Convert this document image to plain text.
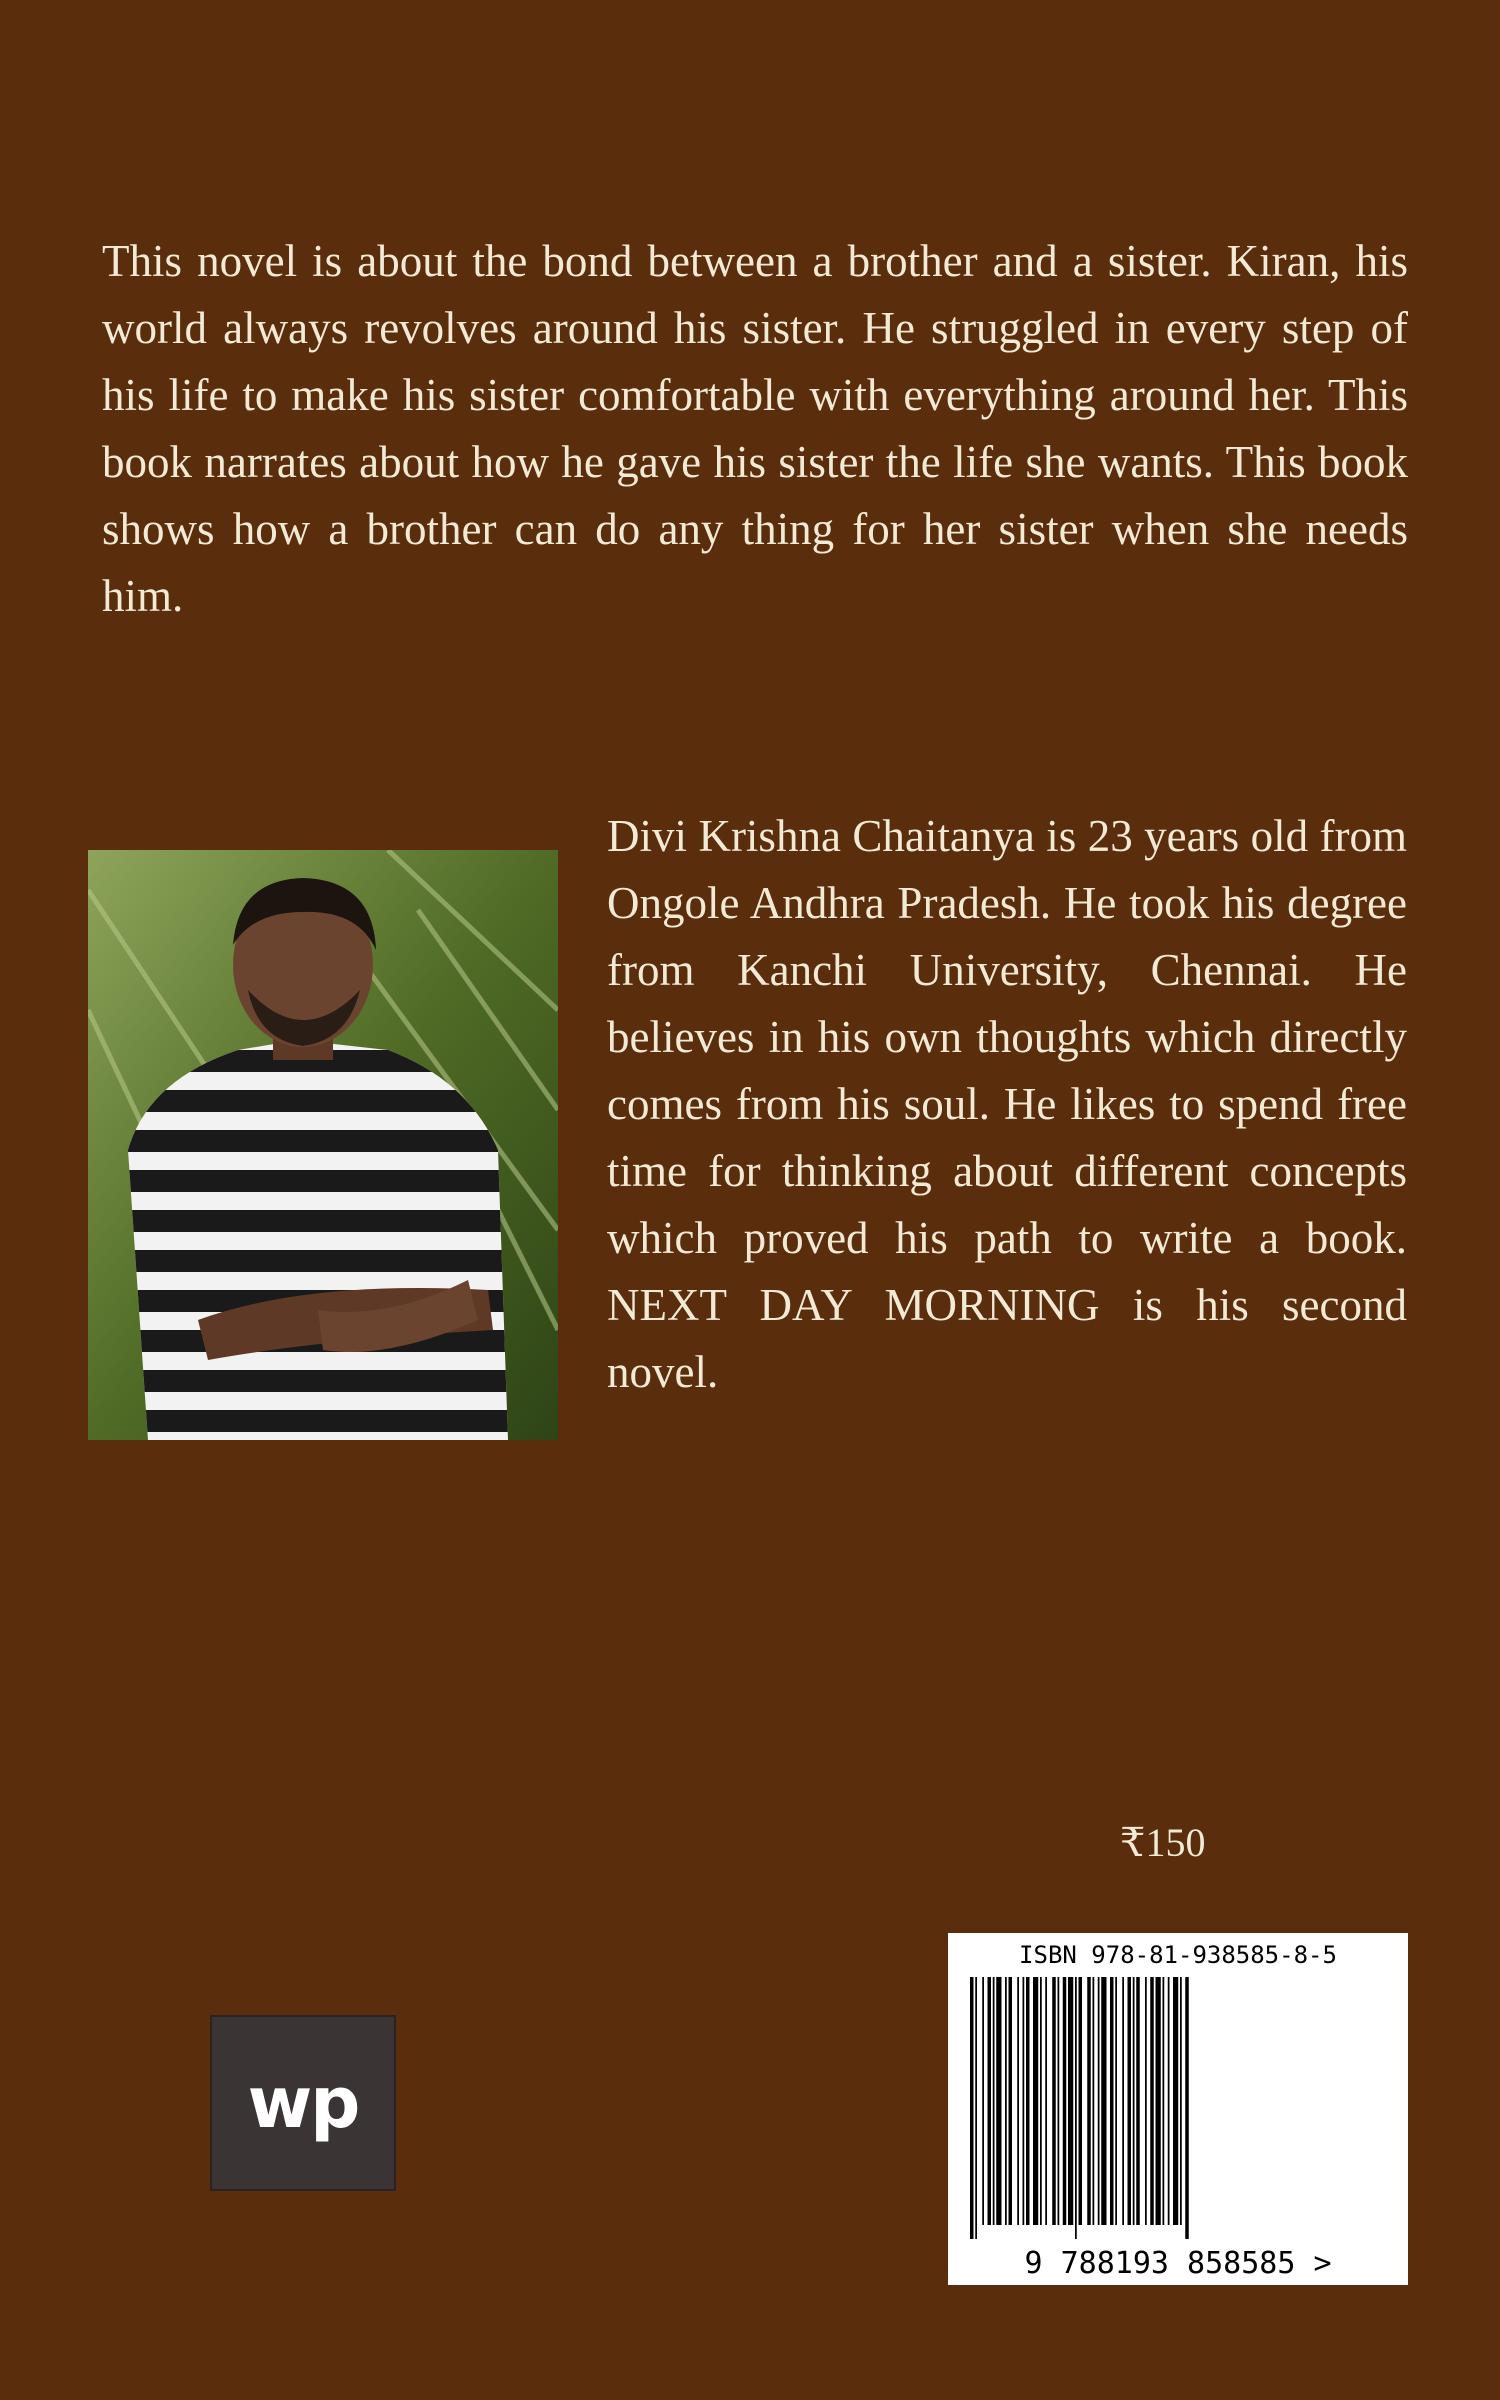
This novel is about the bond between a brother and a sister. Kiran, his world always revolves around his sister. He struggled in every step of his life to make his sister comfortable with everything around her. This book narrates about how he gave his sister the life she wants. This book shows how a brother can do any thing for her sister when she needs him.

Divi Krishna Chaitanya is 23 years old from Ongole Andhra Pradesh. He took his degree from Kanchi University, Chennai. He believes in his own thoughts which directly comes from his soul. He likes to spend free time for thinking about different concepts which proved his path to write a book. NEXT DAY MORNING is his second novel.

₹150
wp
ISBN 978-81-938585-8-5
9 788193 858585 >
